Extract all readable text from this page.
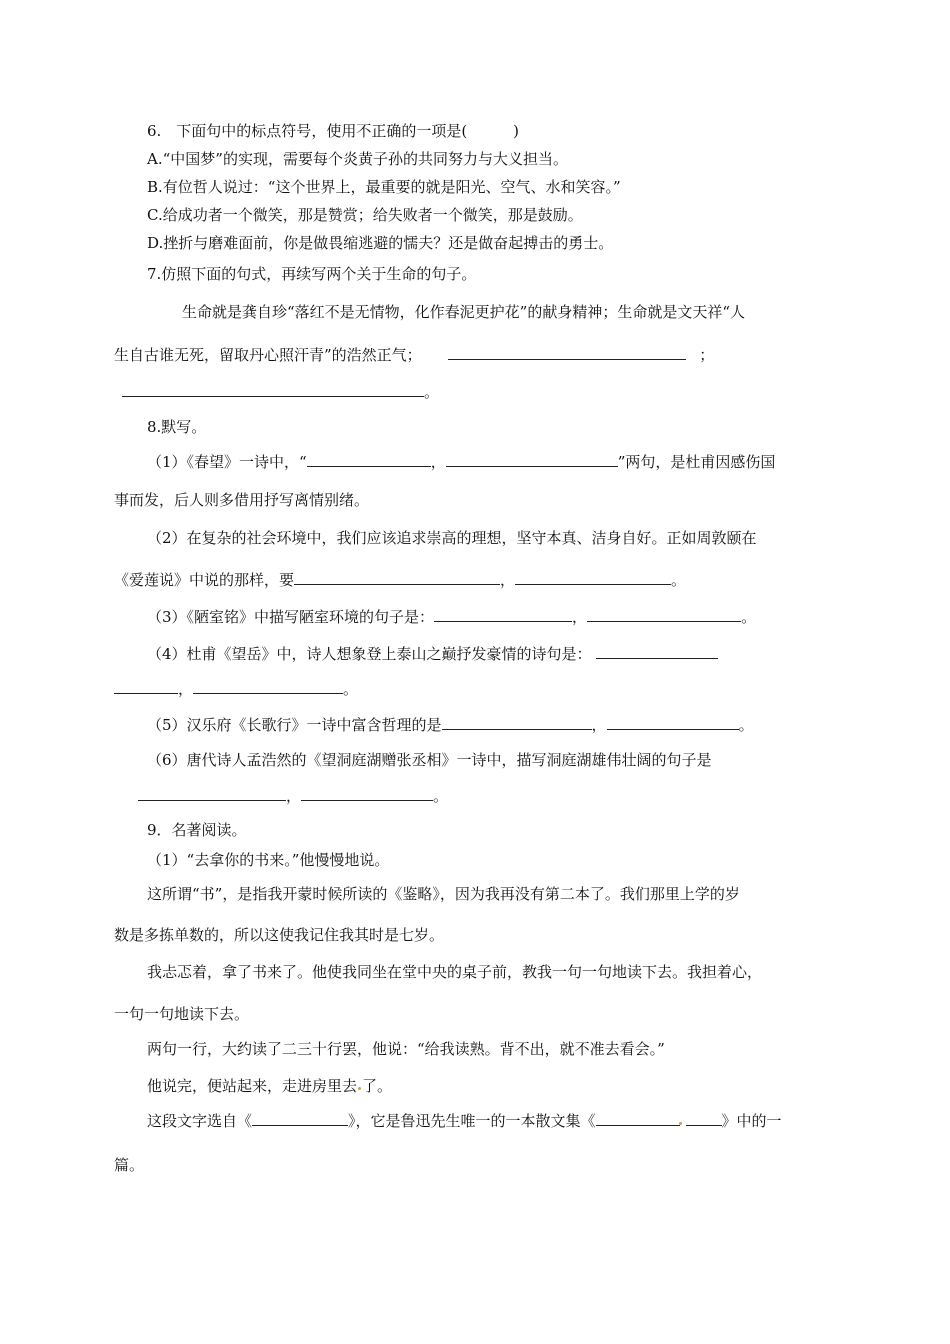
6.　下面句中的标点符号，使用不正确的一项是(	)
A.“中国梦”的实现，需要每个炎黄子孙的共同努力与大义担当。
B.有位哲人说过：“这个世界上，最重要的就是阳光、空气、水和笑容。”
C.给成功者一个微笑，那是赞赏；给失败者一个微笑，那是鼓励。
D.挫折与磨难面前，你是做畏缩逃避的懦夫？还是做奋起搏击的勇士。
7.仿照下面的句式，再续写两个关于生命的句子。
生命就是龚自珍“落红不是无情物，化作春泥更护花”的献身精神；生命就是文天祥“人
生自古谁无死，留取丹心照汗青”的浩然正气；	；
。
8.默写。
（1）《春望》一诗中，“	，	”两句，是杜甫因感伤国
事而发，后人则多借用抒写离情别绪。
（2）在复杂的社会环境中，我们应该追求崇高的理想，坚守本真、洁身自好。正如周敦颐在
《爱莲说》中说的那样，要	，	。
（3）《陋室铭》中描写陋室环境的句子是：	，	。
（4）杜甫《望岳》中，诗人想象登上泰山之巅抒发豪情的诗句是：
，	。
（5）汉乐府《长歌行》一诗中富含哲理的是	，	。
（6）唐代诗人孟浩然的《望洞庭湖赠张丞相》一诗中，描写洞庭湖雄伟壮阔的句子是
，	。
9．名著阅读。
（1）“去拿你的书来。”他慢慢地说。
这所谓“书”，是指我开蒙时候所读的《鉴略》，因为我再没有第二本了。我们那里上学的岁
数是多拣单数的，所以这使我记住我其时是七岁。
我忐忑着，拿了书来了。他使我同坐在堂中央的桌子前，教我一句一句地读下去。我担着心，
一句一句地读下去。
两句一行，大约读了二三十行罢，他说：“给我读熟。背不出，就不准去看会。”
他说完，便站起来，走进房里去 了。
这段文字选自《	》，它是鲁迅先生唯一的一本散文集《	》中的一
篇。
